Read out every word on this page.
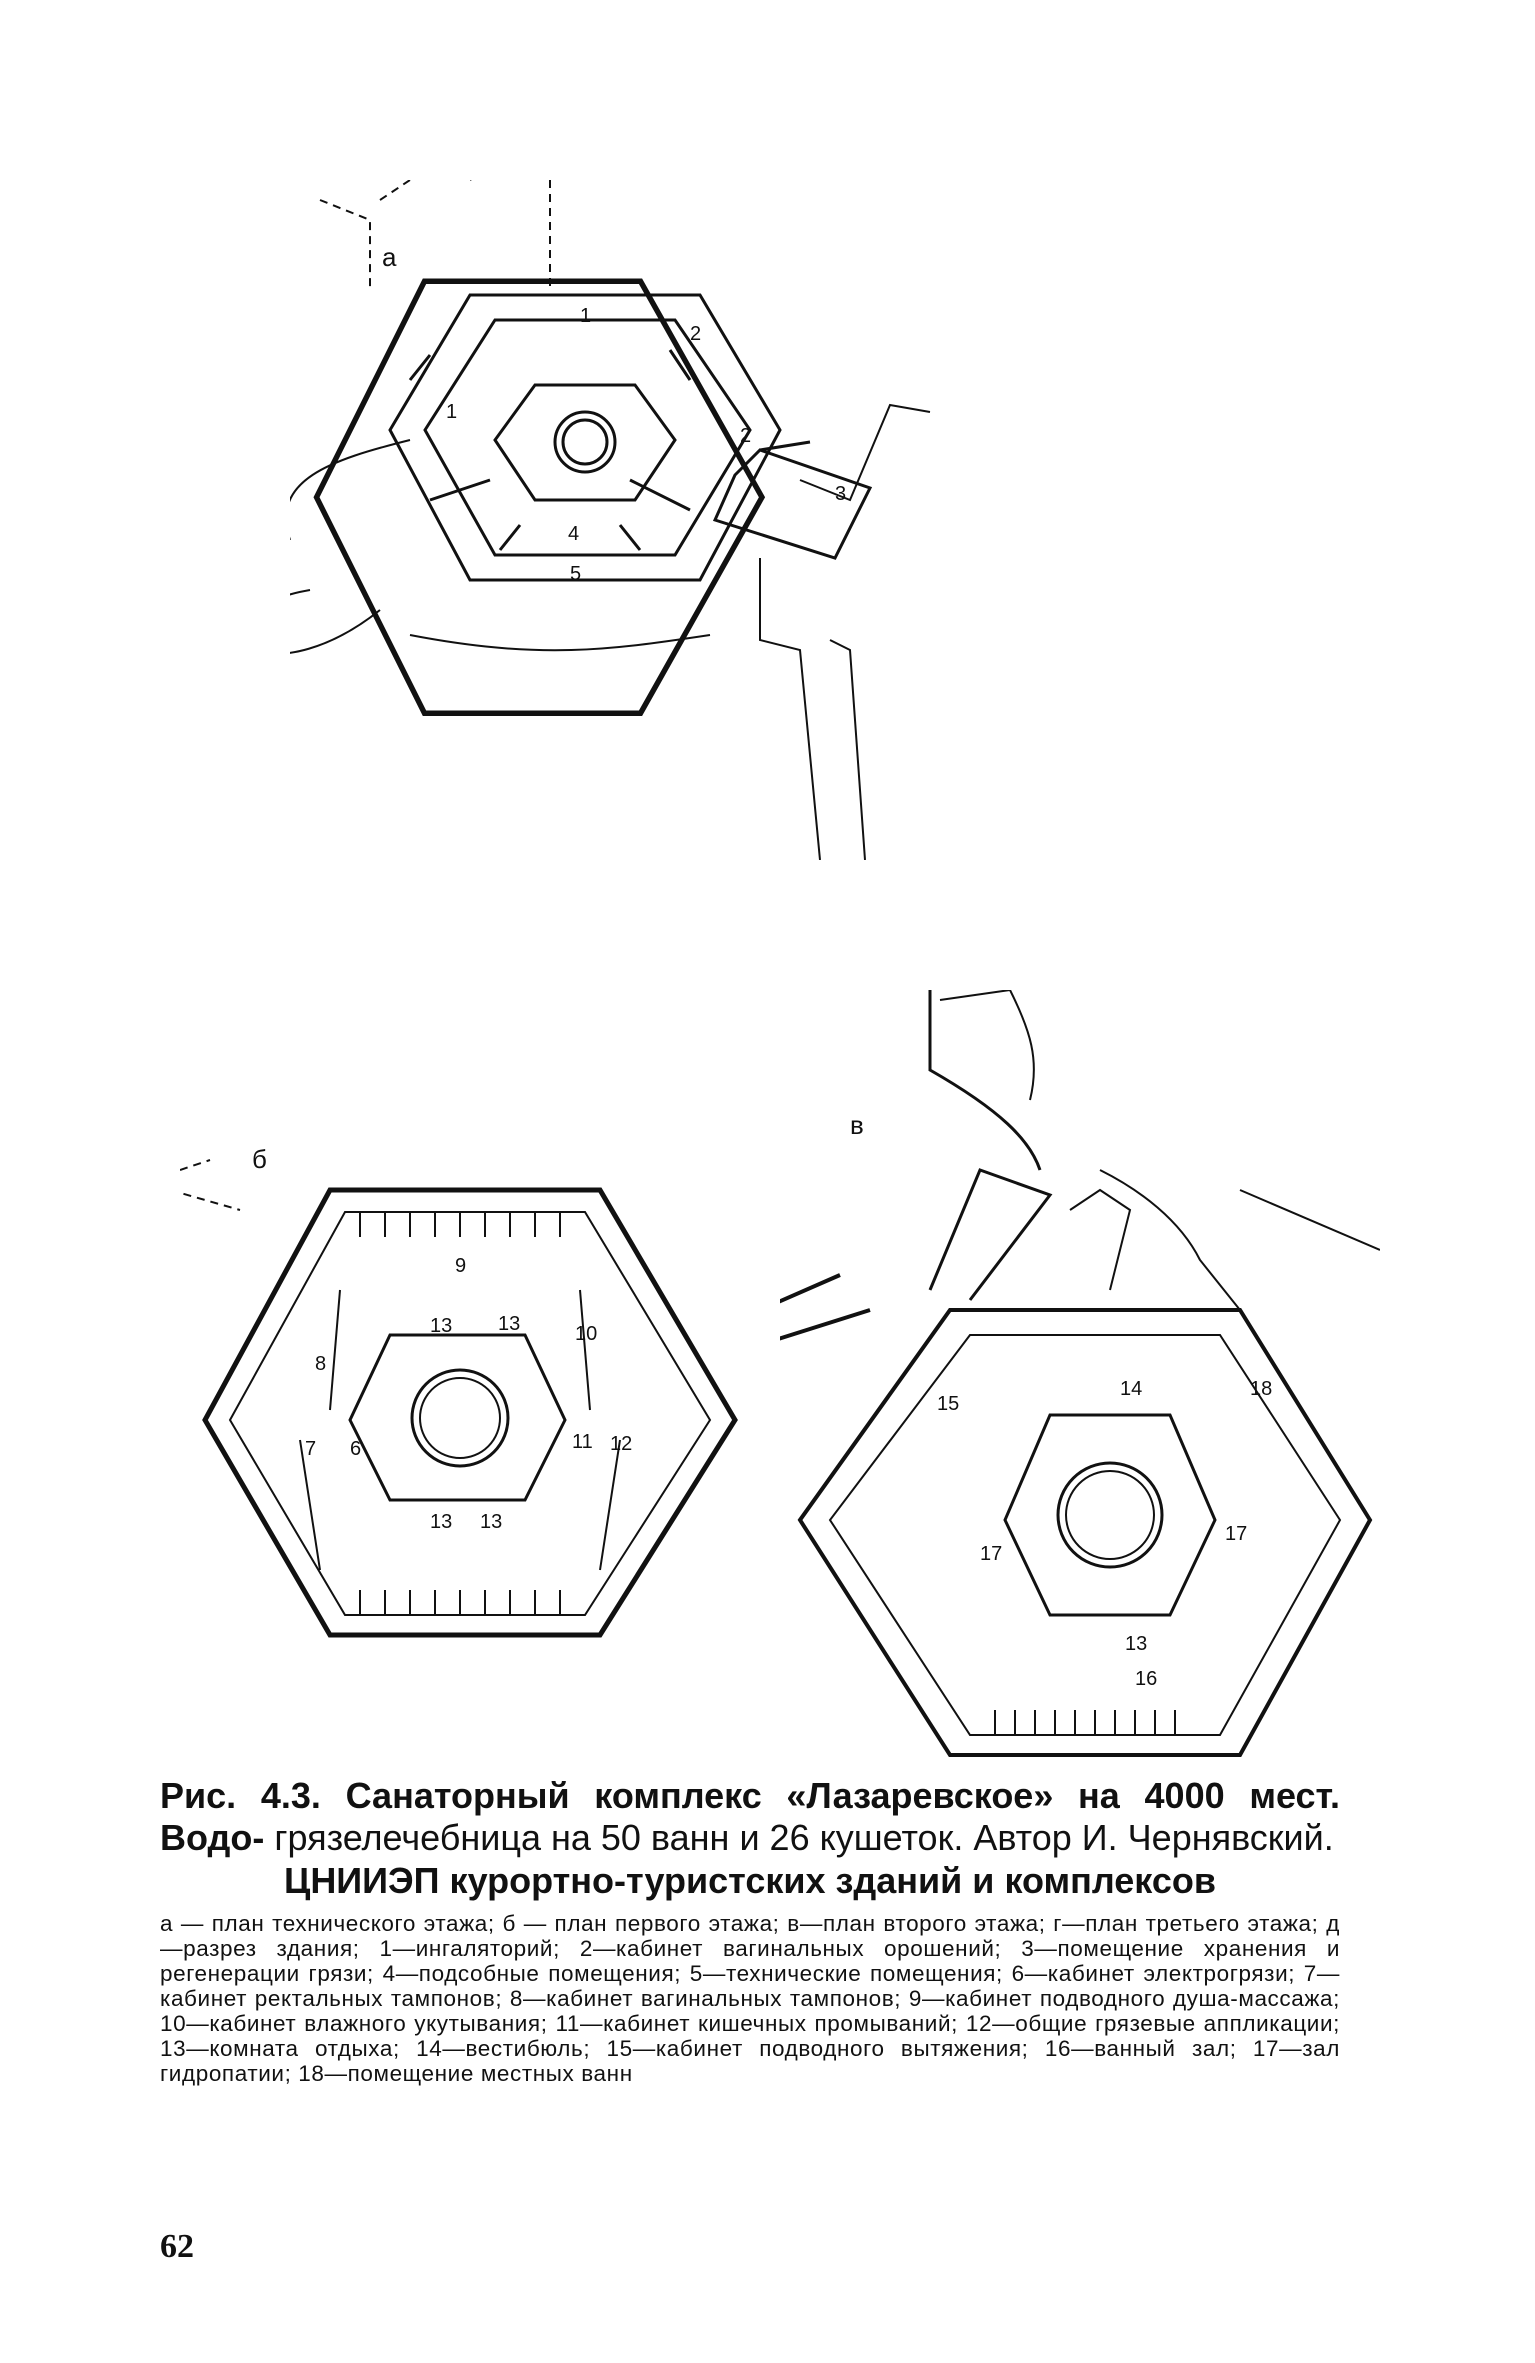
а
1
2
1
2
3
4
5
б
9
10
8
13 13
6
7	11 12
13 13
в
14
15
18
17
17
13
16

Рис. 4.3. Санаторный комплекс «Лазаревское» на 4000 мест. Водо- грязелечебница на 50 ванн и 26 кушеток. Автор И. Чернявский.

ЦНИИЭП курортно-туристских зданий и комплексов

а — план технического этажа; б — план первого этажа; в—план второго этажа; г—план третьего этажа; д—разрез здания; 1—ингаляторий; 2—кабинет вагинальных орошений; 3—помещение хранения и регенерации грязи; 4—подсобные помещения; 5—технические помещения; 6—кабинет электрогрязи; 7—кабинет ректальных тампонов; 8—кабинет вагинальных тампонов; 9—кабинет подводного душа-массажа; 10—кабинет влажного укутывания; 11—кабинет кишечных промываний; 12—общие грязевые аппликации; 13—комната отдыха; 14—вестибюль; 15—кабинет подводного вытяжения; 16—ванный зал; 17—зал гидропатии; 18—помещение местных ванн

62
